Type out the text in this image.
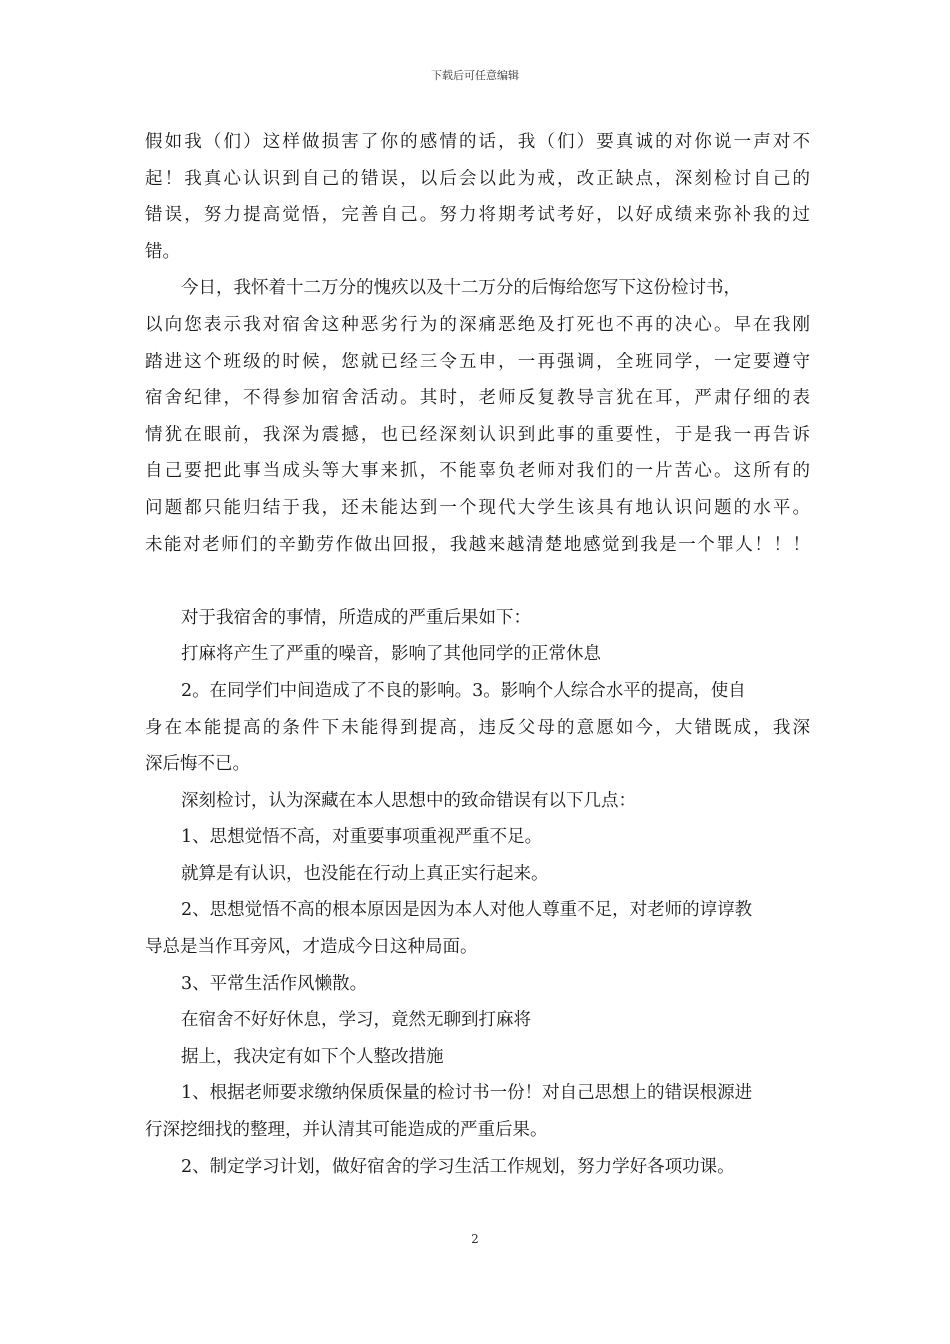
下载后可任意编辑
假如我（们）这样做损害了你的感情的话，我（们）要真诚的对你说一声对不
起！我真心认识到自己的错误，以后会以此为戒，改正缺点，深刻检讨自己的
错误，努力提高觉悟，完善自己。努力将期考试考好，以好成绩来弥补我的过
错。
今日，我怀着十二万分的愧疚以及十二万分的后悔给您写下这份检讨书，
以向您表示我对宿舍这种恶劣行为的深痛恶绝及打死也不再的决心。早在我刚
踏进这个班级的时候，您就已经三令五申，一再强调，全班同学，一定要遵守
宿舍纪律，不得参加宿舍活动。其时，老师反复教导言犹在耳，严肃仔细的表
情犹在眼前，我深为震撼，也已经深刻认识到此事的重要性，于是我一再告诉
自己要把此事当成头等大事来抓，不能辜负老师对我们的一片苦心。这所有的
问题都只能归结于我，还未能达到一个现代大学生该具有地认识问题的水平。
未能对老师们的辛勤劳作做出回报，我越来越清楚地感觉到我是一个罪人！！！
对于我宿舍的事情，所造成的严重后果如下：
打麻将产生了严重的噪音，影响了其他同学的正常休息
2。在同学们中间造成了不良的影响。3。影响个人综合水平的提高，使自
身在本能提高的条件下未能得到提高，违反父母的意愿如今，大错既成，我深
深后悔不已。
深刻检讨，认为深藏在本人思想中的致命错误有以下几点：
1、思想觉悟不高，对重要事项重视严重不足。
就算是有认识，也没能在行动上真正实行起来。
2、思想觉悟不高的根本原因是因为本人对他人尊重不足，对老师的谆谆教
导总是当作耳旁风，才造成今日这种局面。
3、平常生活作风懒散。
在宿舍不好好休息，学习，竟然无聊到打麻将
据上，我决定有如下个人整改措施
1、根据老师要求缴纳保质保量的检讨书一份！对自己思想上的错误根源进
行深挖细找的整理，并认清其可能造成的严重后果。
2、制定学习计划，做好宿舍的学习生活工作规划，努力学好各项功课。
2
